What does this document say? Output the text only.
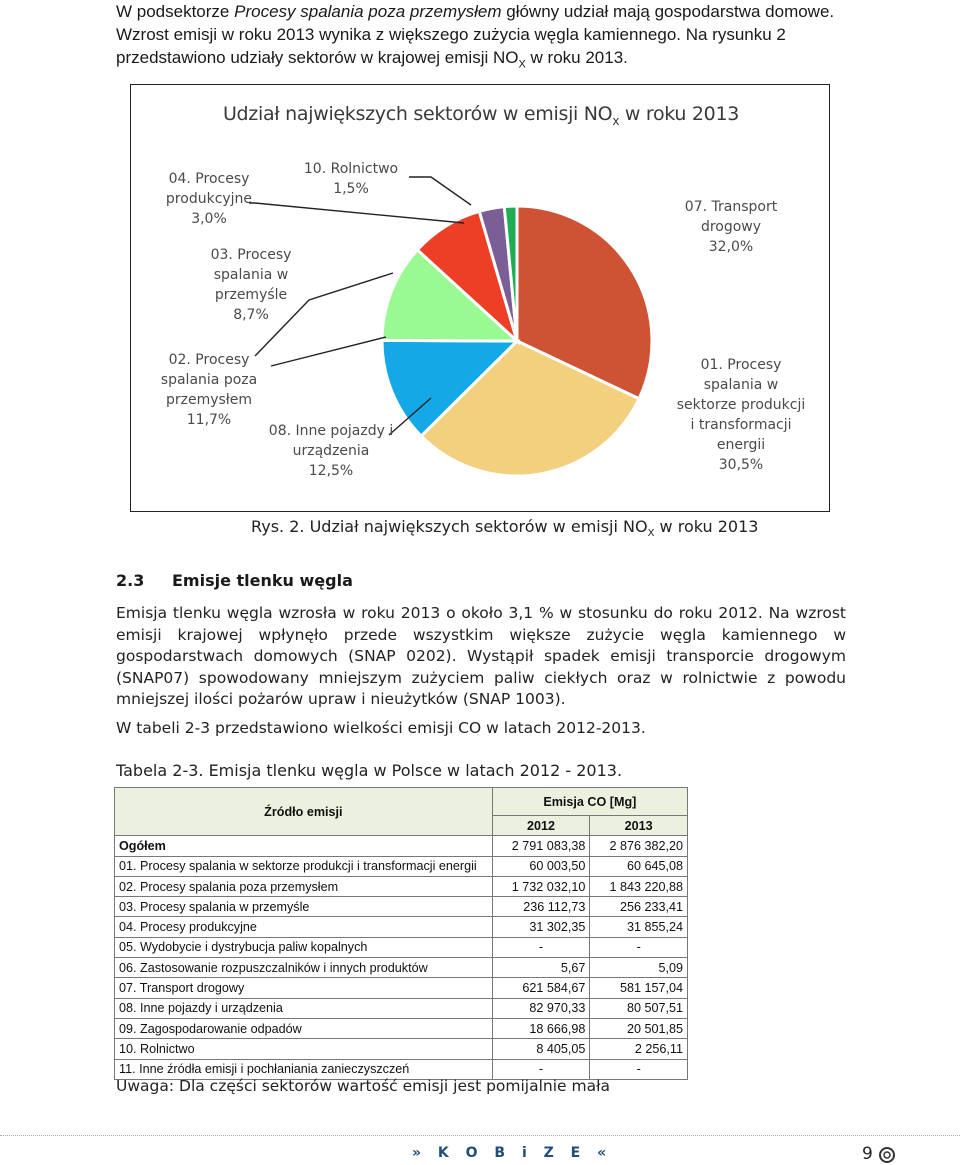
W podsektorze Procesy spalania poza przemysłem główny udział mają gospodarstwa domowe.
Wzrost emisji w roku 2013 wynika z większego zużycia węgla kamiennego. Na rysunku 2
przedstawiono udziały sektorów w krajowej emisji $NO_X$ w roku 2013.
Udział największych sektorów w emisji $NO_x$ w roku 2013
07. Transport
drogowy
32,0%
01. Procesy
spalania w
sektorze produkcji
i transformacji
energii
30,5%
08. Inne pojazdy i
urządzenia
12,5%
02. Procesy
spalania poza
przemysłem
11,7%
03. Procesy
spalania w
przemyśle
8,7%
04. Procesy
produkcyjne
3,0%
10. Rolnictwo
1,5%
Rys. 2. Udział największych sektorów w emisji $NO_X$ w roku 2013
2.3 Emisje tlenku węgla
Emisja tlenku węgla wzrosła w roku 2013 o około 3,1 % w stosunku do roku 2012. Na wzrost emisji krajowej wpłynęło przede wszystkim większe zużycie węgla kamiennego w gospodarstwach domowych (SNAP 0202). Wystąpił spadek emisji transporcie drogowym (SNAP07) spowodowany mniejszym zużyciem paliw ciekłych oraz w rolnictwie z powodu mniejszej ilości pożarów upraw i nieużytków (SNAP 1003).
W tabeli 2-3 przedstawiono wielkości emisji CO w latach 2012-2013.
Tabela 2-3. Emisja tlenku węgla w Polsce w latach 2012 - 2013.
Źródło emisji	Emisja CO [Mg]	
	2012	2013
Ogółem	2 791 083,38	2 876 382,20
01. Procesy spalania w sektorze produkcji i transformacji energii	60 003,50	60 645,08
02. Procesy spalania poza przemysłem	1 732 032,10	1 843 220,88
03. Procesy spalania w przemyśle	236 112,73	256 233,41
04. Procesy produkcyjne	31 302,35	31 855,24
05. Wydobycie i dystrybucja paliw kopalnych	-	-
06. Zastosowanie rozpuszczalników i innych produktów	5,67	5,09
07. Transport drogowy	621 584,67	581 157,04
08. Inne pojazdy i urządzenia	82 970,33	80 507,51
09. Zagospodarowanie odpadów	18 666,98	20 501,85
10. Rolnictwo	8 405,05	2 256,11
11. Inne źródła emisji i pochłaniania zanieczyszczeń	-	-
Uwaga: Dla części sektorów wartość emisji jest pomijalnie mała
» K O B i Z E «	9
